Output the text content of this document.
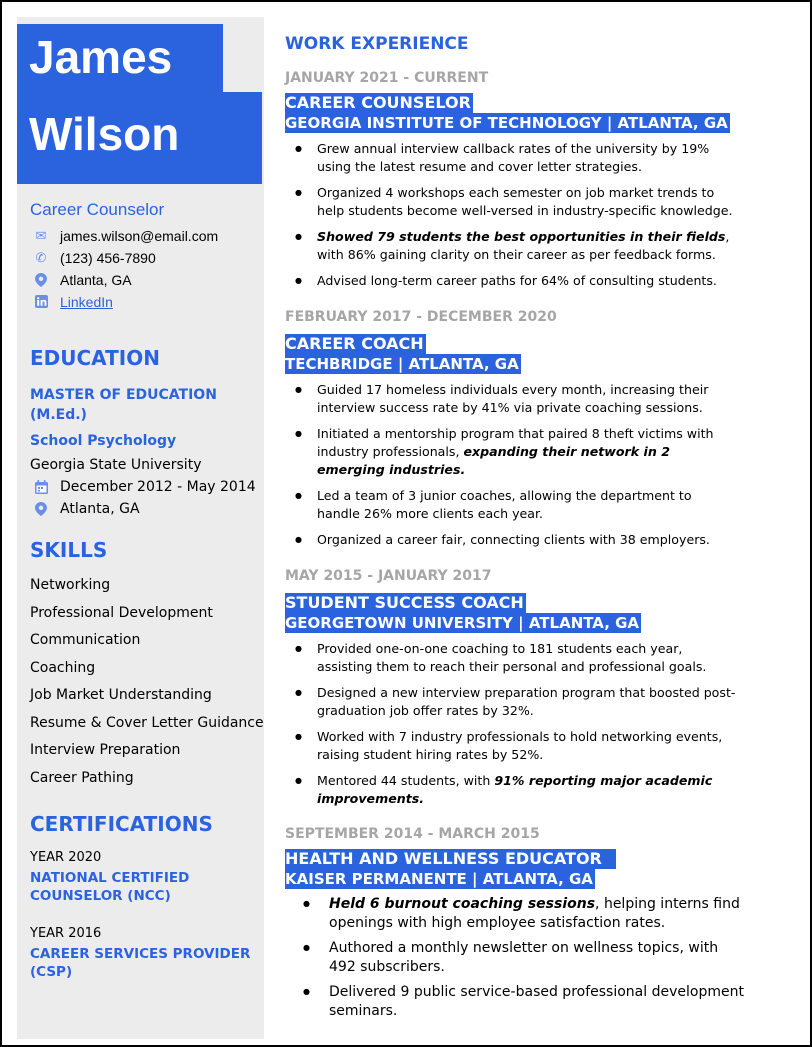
James
Wilson
Career Counselor
✉ james.wilson@email.com
✆ (123) 456-7890
Atlanta, GA
LinkedIn
EDUCATION
MASTER OF EDUCATION
(M.Ed.)
School Psychology
Georgia State University
December 2012 - May 2014
Atlanta, GA
SKILLS
Networking
Professional Development
Communication
Coaching
Job Market Understanding
Resume & Cover Letter Guidance
Interview Preparation
Career Pathing
CERTIFICATIONS
YEAR 2020
NATIONAL CERTIFIED
COUNSELOR (NCC)
YEAR 2016
CAREER SERVICES PROVIDER
(CSP)
WORK EXPERIENCE
JANUARY 2021 - CURRENT
CAREER COUNSELOR
GEORGIA INSTITUTE OF TECHNOLOGY | ATLANTA, GA
● Grew annual interview callback rates of the university by 19% using the latest resume and cover letter strategies.
● Organized 4 workshops each semester on job market trends to help students become well-versed in industry-specific knowledge.
● Showed 79 students the best opportunities in their fields, with 86% gaining clarity on their career as per feedback forms.
● Advised long-term career paths for 64% of consulting students.
FEBRUARY 2017 - DECEMBER 2020
CAREER COACH
TECHBRIDGE | ATLANTA, GA
● Guided 17 homeless individuals every month, increasing their interview success rate by 41% via private coaching sessions.
● Initiated a mentorship program that paired 8 theft victims with industry professionals, expanding their network in 2 emerging industries.
● Led a team of 3 junior coaches, allowing the department to handle 26% more clients each year.
● Organized a career fair, connecting clients with 38 employers.
MAY 2015 - JANUARY 2017
STUDENT SUCCESS COACH
GEORGETOWN UNIVERSITY | ATLANTA, GA
● Provided one-on-one coaching to 181 students each year, assisting them to reach their personal and professional goals.
● Designed a new interview preparation program that boosted post-graduation job offer rates by 32%.
● Worked with 7 industry professionals to hold networking events, raising student hiring rates by 52%.
● Mentored 44 students, with 91% reporting major academic improvements.
SEPTEMBER 2014 - MARCH 2015
HEALTH AND WELLNESS EDUCATOR
KAISER PERMANENTE | ATLANTA, GA
● Held 6 burnout coaching sessions, helping interns find openings with high employee satisfaction rates.
● Authored a monthly newsletter on wellness topics, with 492 subscribers.
● Delivered 9 public service-based professional development seminars.
